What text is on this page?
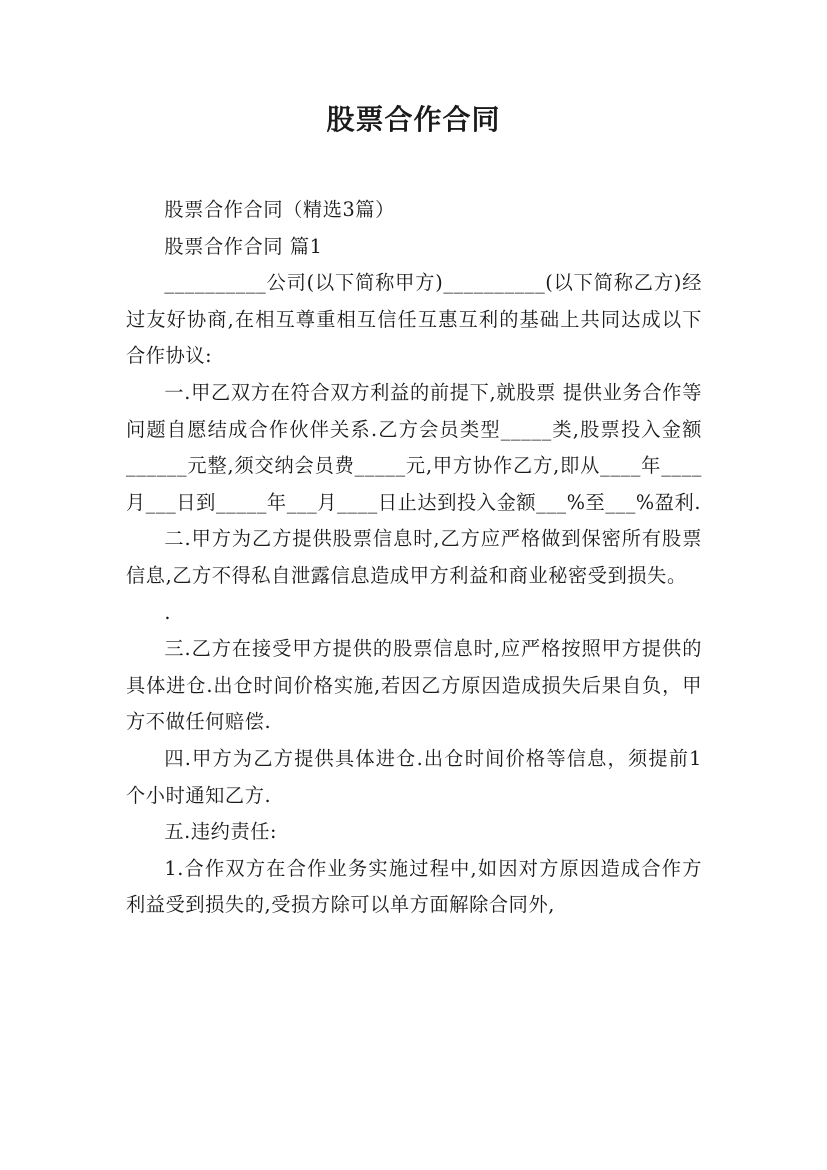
股票合作合同

股票合作合同（精选3篇）

股票合作合同 篇1

__________公司(以下简称甲方)__________(以下简称乙方)经过友好协商,在相互尊重相互信任互惠互利的基础上共同达成以下合作协议:

一.甲乙双方在符合双方利益的前提下,就股票 提供业务合作等问题自愿结成合作伙伴关系.乙方会员类型_____类,股票投入金额______元整,须交纳会员费_____元,甲方协作乙方,即从____年____月___日到_____年___月____日止达到投入金额___%至___%盈利.

二.甲方为乙方提供股票信息时,乙方应严格做到保密所有股票信息,乙方不得私自泄露信息造成甲方利益和商业秘密受到损失。

.

三.乙方在接受甲方提供的股票信息时,应严格按照甲方提供的具体进仓.出仓时间价格实施,若因乙方原因造成损失后果自负，甲方不做任何赔偿.

四.甲方为乙方提供具体进仓.出仓时间价格等信息，须提前1个小时通知乙方.

五.违约责任:

1.合作双方在合作业务实施过程中,如因对方原因造成合作方利益受到损失的,受损方除可以单方面解除合同外,
